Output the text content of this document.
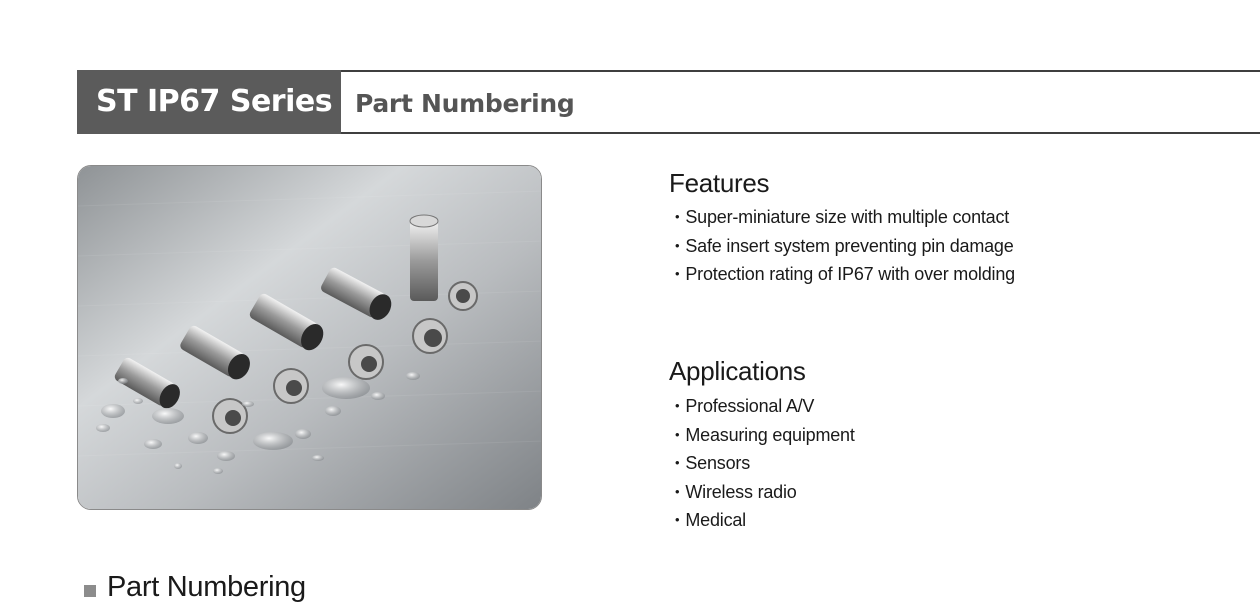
ST IP67 Series Part Numbering
Features
• Super-miniature size with multiple contact
• Safe insert system preventing pin damage
• Protection rating of IP67 with over molding
Applications
• Professional A/V
• Measuring equipment
• Sensors
• Wireless radio
• Medical
Part Numbering
